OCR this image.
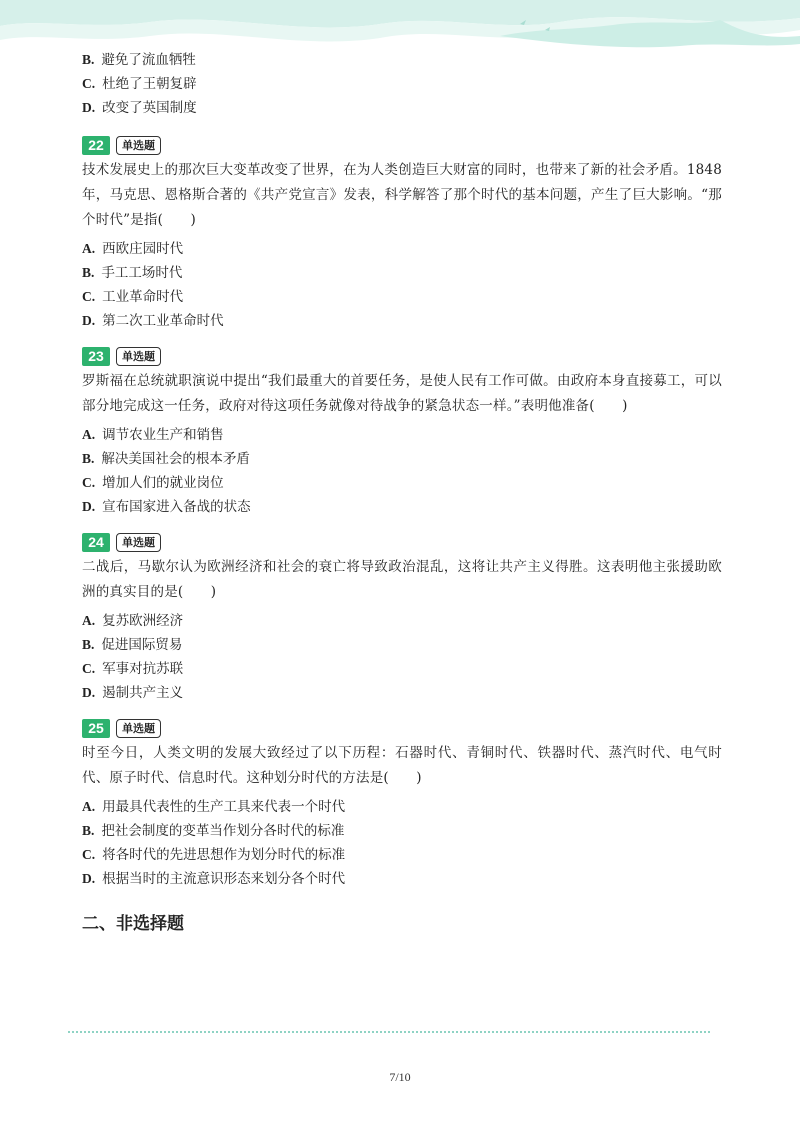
B. 避免了流血牺牲
C. 杜绝了王朝复辟
D. 改变了英国制度
22	单选题
技术发展史上的那次巨大变革改变了世界，在为人类创造巨大财富的同时，也带来了新的社会矛盾。1848年，马克思、恩格斯合著的《共产党宣言》发表，科学解答了那个时代的基本问题，产生了巨大影响。“那个时代”是指(　　)
A. 西欧庄园时代
B. 手工工场时代
C. 工业革命时代
D. 第二次工业革命时代
23	单选题
罗斯福在总统就职演说中提出“我们最重大的首要任务，是使人民有工作可做。由政府本身直接募工，可以部分地完成这一任务，政府对待这项任务就像对待战争的紧急状态一样。”表明他准备(　　)
A. 调节农业生产和销售
B. 解决美国社会的根本矛盾
C. 增加人们的就业岗位
D. 宣布国家进入备战的状态
24	单选题
二战后，马歇尔认为欧洲经济和社会的衰亡将导致政治混乱，这将让共产主义得胜。这表明他主张援助欧洲的真实目的是(　　)
A. 复苏欧洲经济
B. 促进国际贸易
C. 军事对抗苏联
D. 遏制共产主义
25	单选题
时至今日，人类文明的发展大致经过了以下历程：石器时代、青铜时代、铁器时代、蒸汽时代、电气时代、原子时代、信息时代。这种划分时代的方法是(　　)
A. 用最具代表性的生产工具来代表一个时代
B. 把社会制度的变革当作划分各时代的标准
C. 将各时代的先进思想作为划分时代的标准
D. 根据当时的主流意识形态来划分各个时代
二、非选择题
7/10
